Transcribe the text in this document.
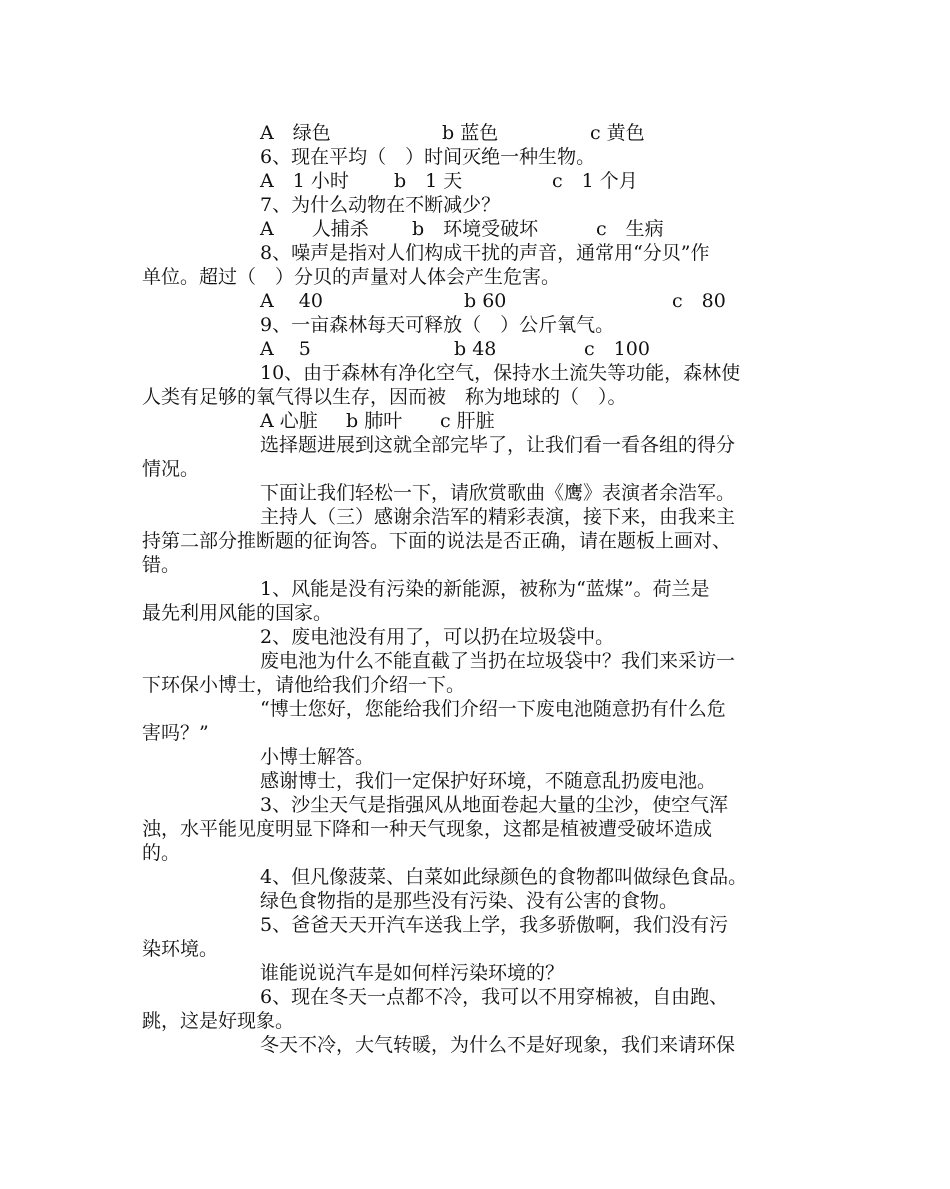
A　绿色

	b 蓝色

	c 黄色

6、现在平均（　）时间灭绝一种生物。

A　1 小时

b　1 天

	c　1 个月

7、为什么动物在不断减少？

A　　人捕杀

b　环境受破坏

	c　生病

8、噪声是指对人们构成干扰的声音，通常用“分贝”作
单位。超过（　）分贝的声量对人体会产生危害。

A　 40

	b 60

	c　80

9、一亩森林每天可释放（　）公斤氧气。

A　 5

	b 48

	c　100

10、由于森林有净化空气，保持水土流失等功能，森林使
人类有足够的氧气得以生存，因而被　称为地球的（　）。

A 心脏

b 肺叶

c 肝脏

选择题进展到这就全部完毕了，让我们看一看各组的得分
情况。
下面让我们轻松一下，请欣赏歌曲《鹰》表演者余浩军。
主持人（三）感谢余浩军的精彩表演，接下来，由我来主
持第二部分推断题的征询答。下面的说法是否正确，请在题板上画对、
错。
1、风能是没有污染的新能源，被称为“蓝煤”。荷兰是
最先利用风能的国家。
2、废电池没有用了，可以扔在垃圾袋中。
废电池为什么不能直截了当扔在垃圾袋中？我们来采访一
下环保小博士，请他给我们介绍一下。
“博士您好，您能给我们介绍一下废电池随意扔有什么危
害吗？”
小博士解答。
感谢博士，我们一定保护好环境，不随意乱扔废电池。
3、沙尘天气是指强风从地面卷起大量的尘沙，使空气浑
浊，水平能见度明显下降和一种天气现象，这都是植被遭受破坏造成
的。
4、但凡像菠菜、白菜如此绿颜色的食物都叫做绿色食品。
绿色食物指的是那些没有污染、没有公害的食物。
5、爸爸天天开汽车送我上学，我多骄傲啊，我们没有污
染环境。
谁能说说汽车是如何样污染环境的？
6、现在冬天一点都不冷，我可以不用穿棉被，自由跑、
跳，这是好现象。
冬天不冷，大气转暖，为什么不是好现象，我们来请环保
